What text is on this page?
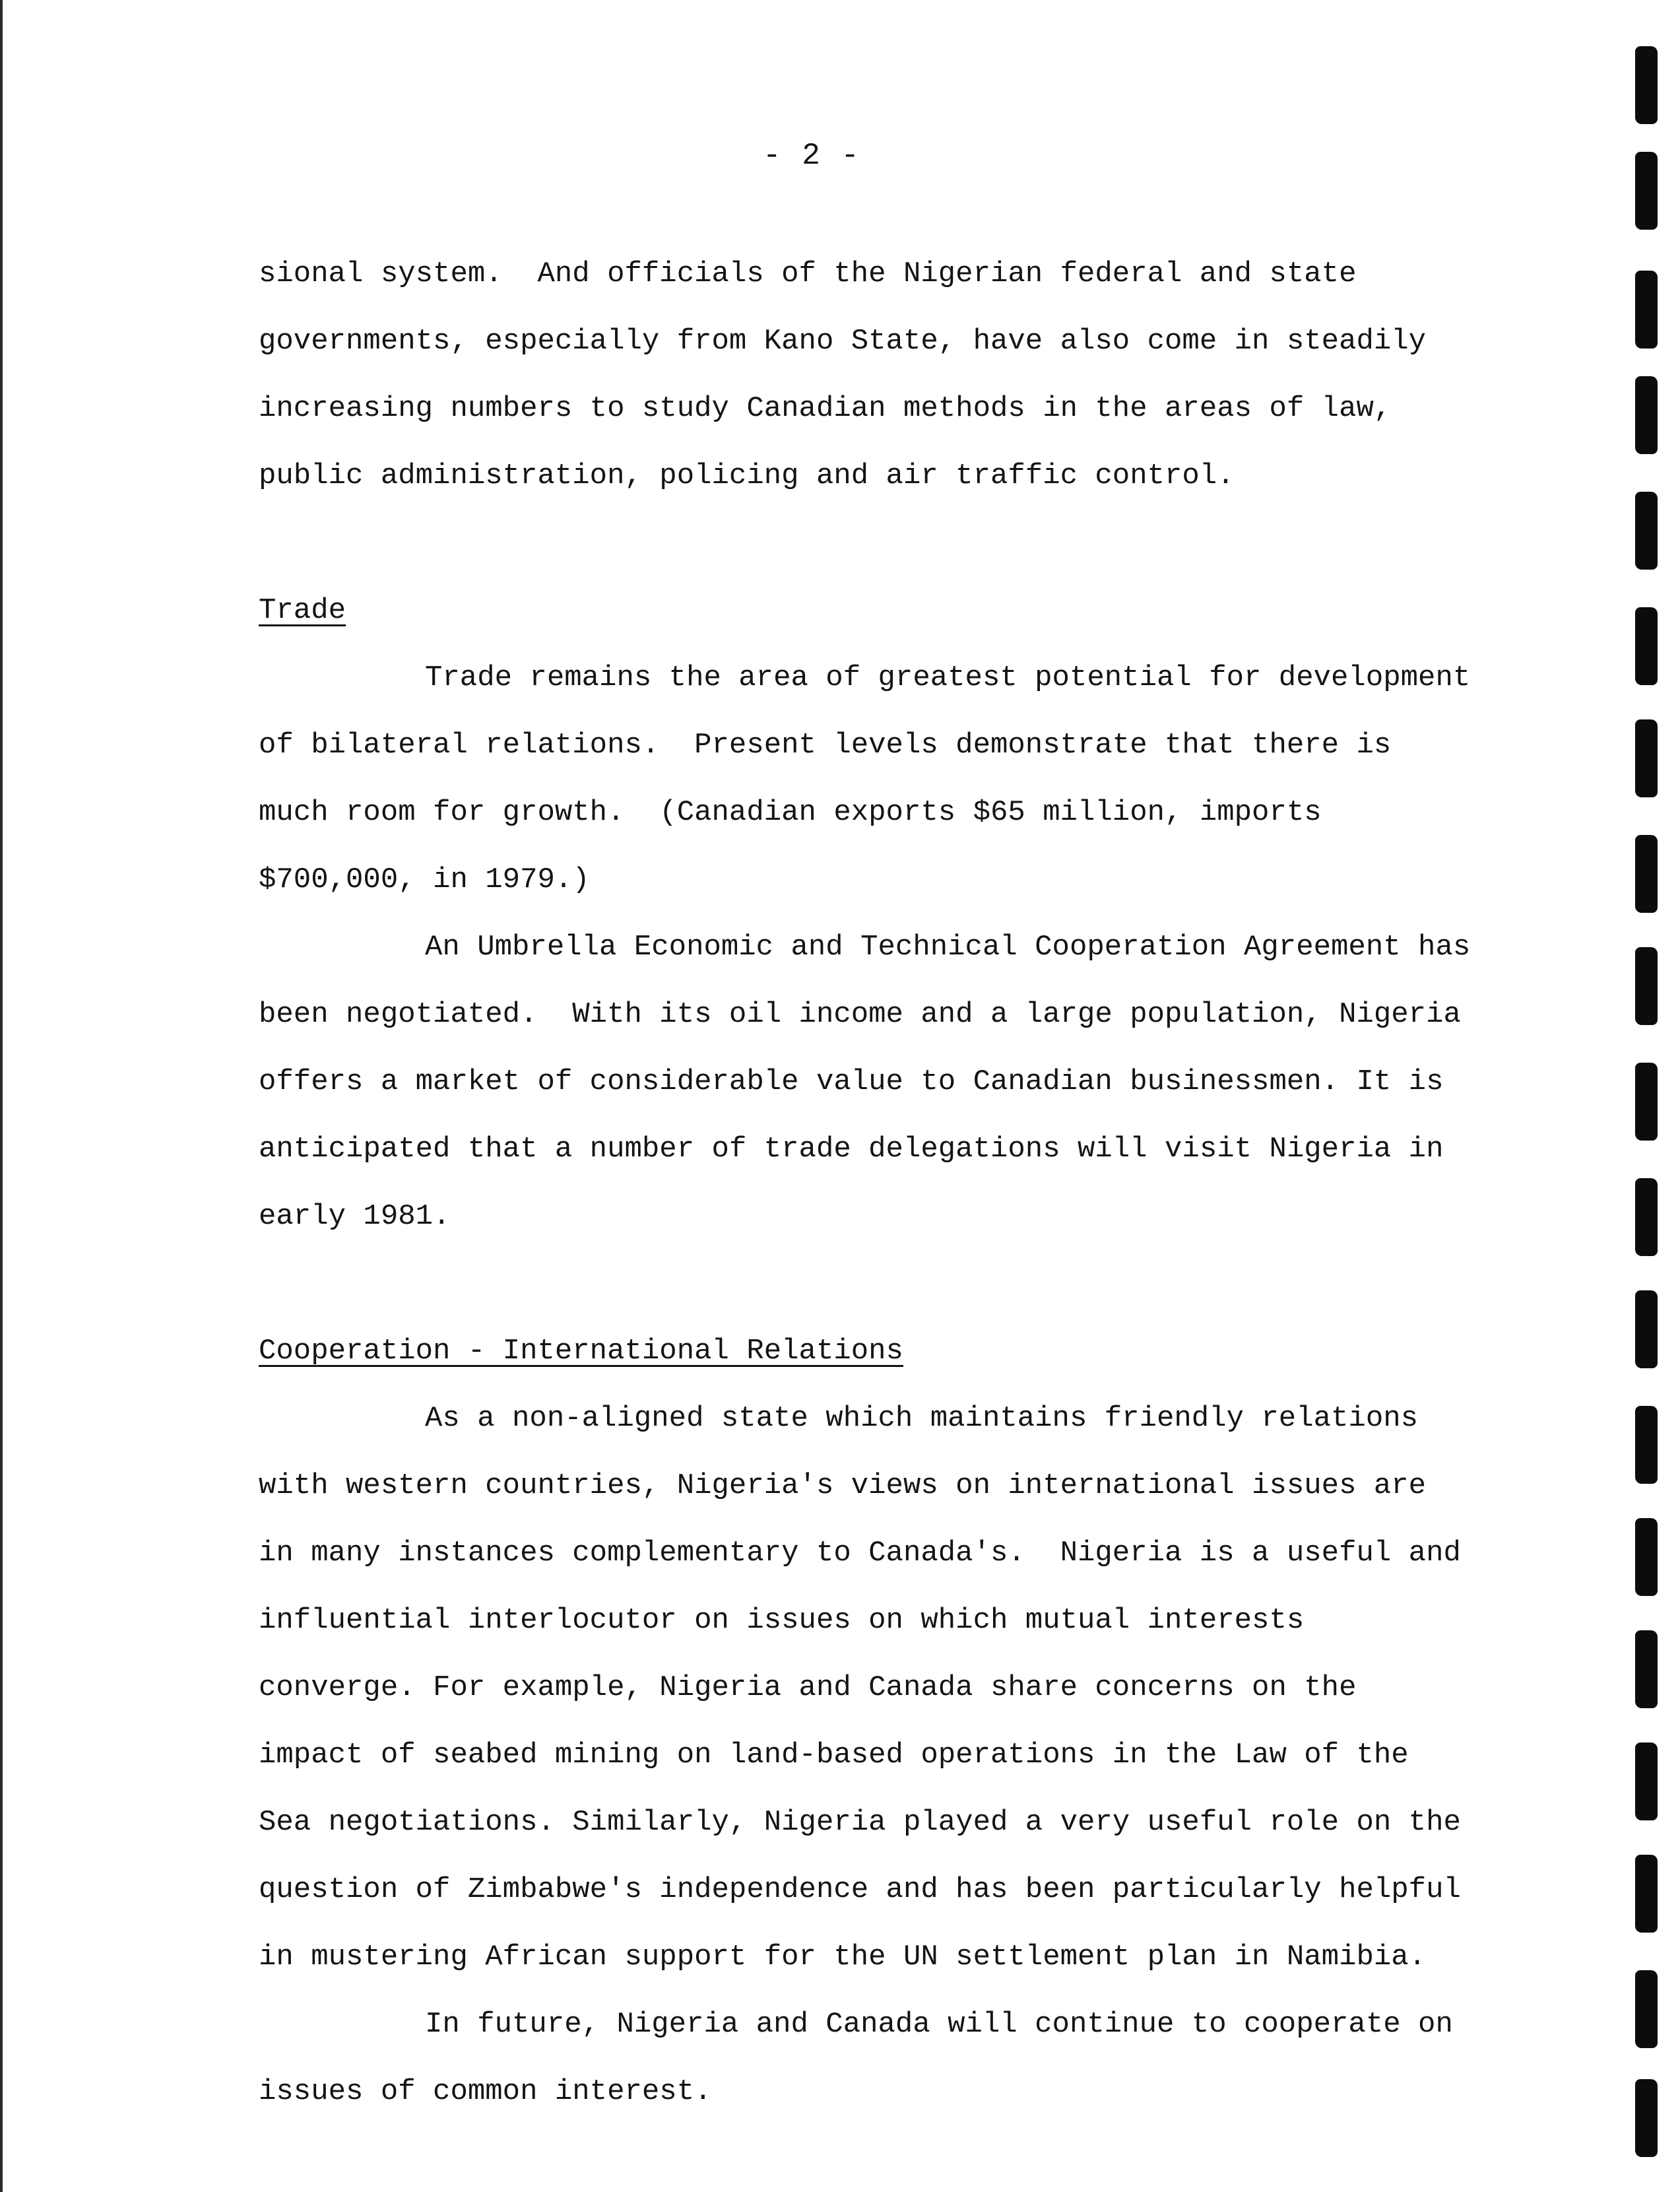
- 2 -

sional system.  And officials of the Nigerian federal and state governments, especially from Kano State, have also come in steadily increasing numbers to study Canadian methods in the areas of law, public administration, policing and air traffic control.

Trade

Trade remains the area of greatest potential for development of bilateral relations.  Present levels demonstrate that there is much room for growth.  (Canadian exports $65 million, imports $700,000, in 1979.)

An Umbrella Economic and Technical Cooperation Agreement has been negotiated.  With its oil income and a large population, Nigeria offers a market of considerable value to Canadian businessmen. It is anticipated that a number of trade delegations will visit Nigeria in early 1981.

Cooperation - International Relations

As a non-aligned state which maintains friendly relations with western countries, Nigeria's views on international issues are in many instances complementary to Canada's.  Nigeria is a useful and influential interlocutor on issues on which mutual interests converge. For example, Nigeria and Canada share concerns on the impact of seabed mining on land-based operations in the Law of the Sea negotiations. Similarly, Nigeria played a very useful role on the question of Zimbabwe's independence and has been particularly helpful in mustering African support for the UN settlement plan in Namibia.

In future, Nigeria and Canada will continue to cooperate on issues of common interest.
